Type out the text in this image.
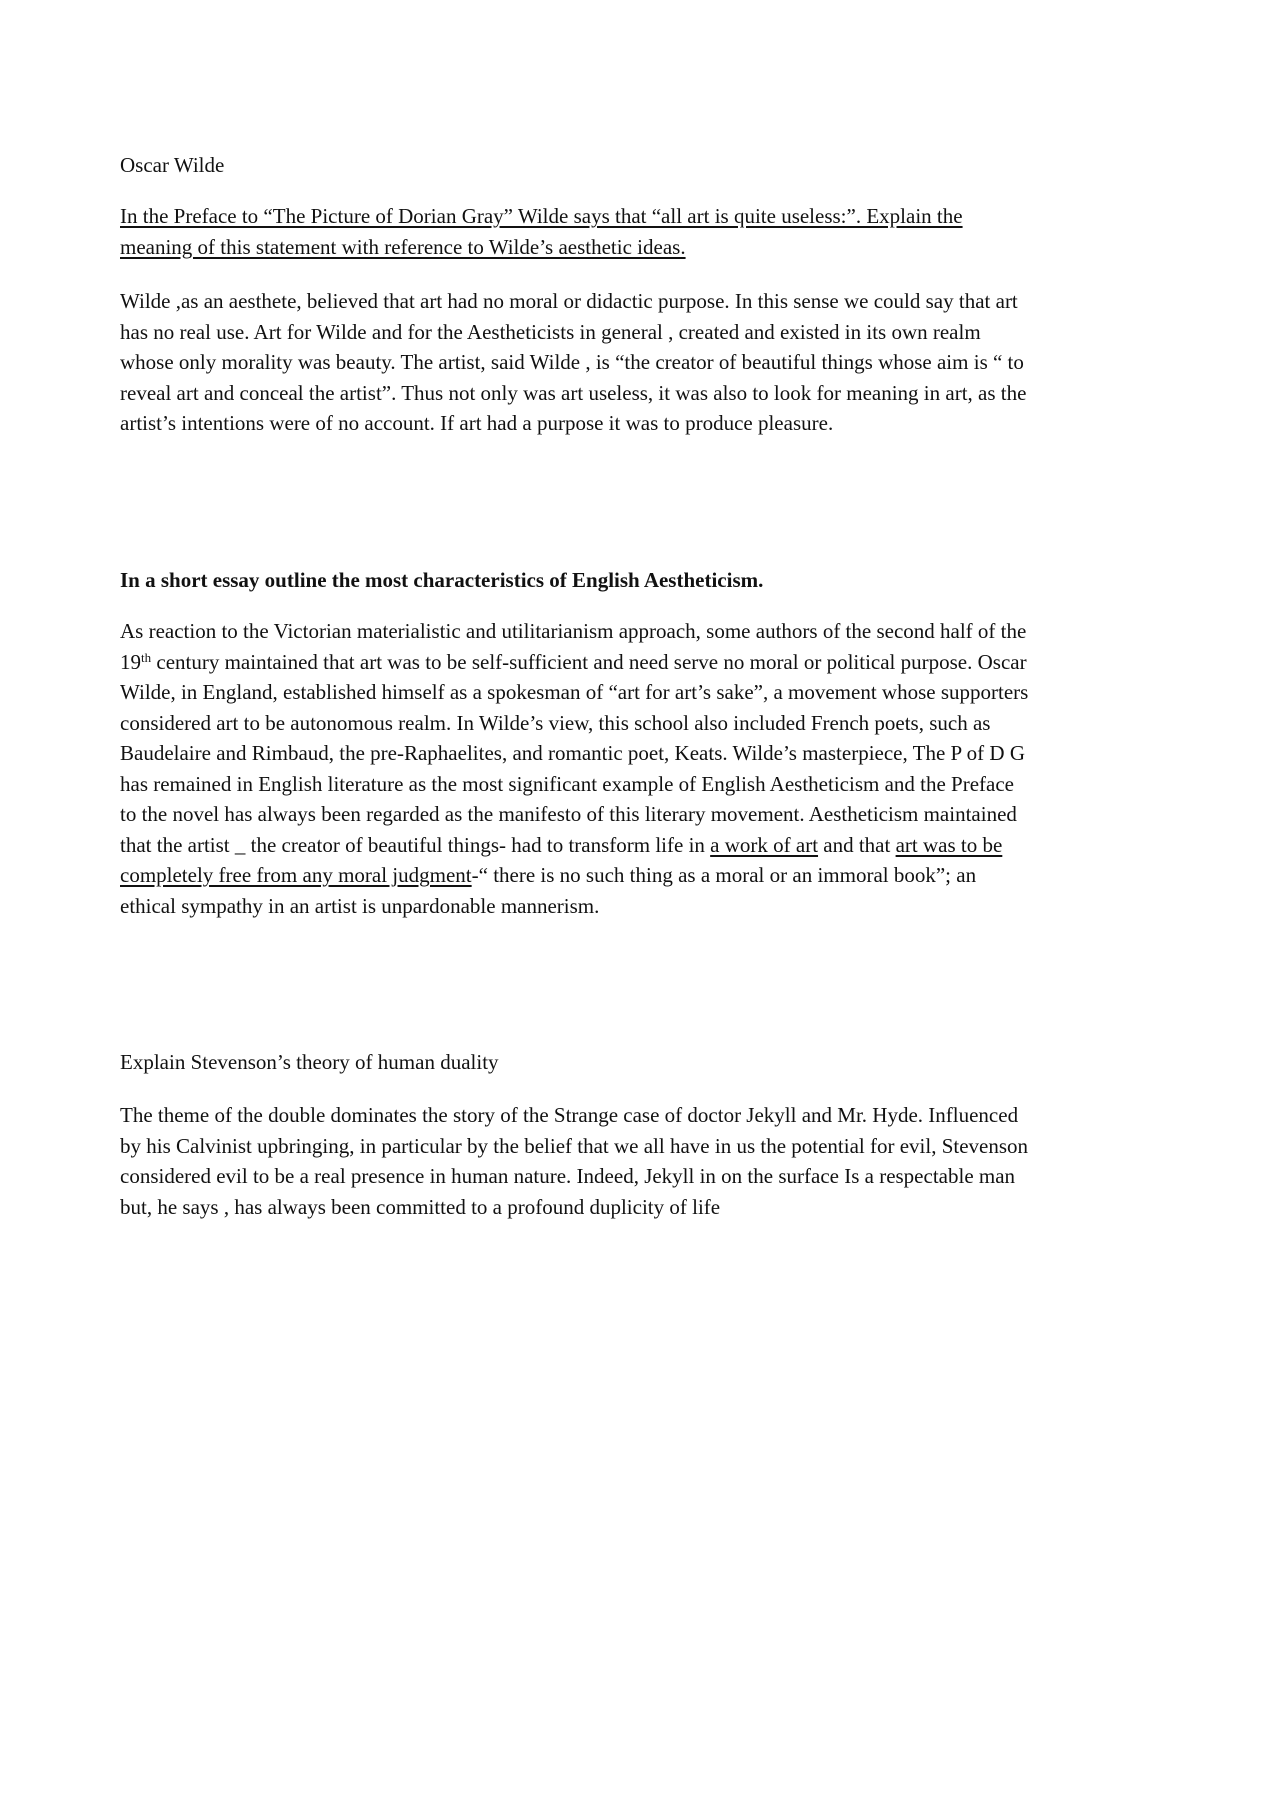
Oscar Wilde

In the Preface to “The Picture of Dorian Gray” Wilde says that “all art is quite useless:”. Explain the
meaning of this statement with reference to Wilde’s aesthetic ideas.

Wilde ,as an aesthete, believed that art had no moral or didactic purpose. In this sense we could say that art
has no real use. Art for Wilde and for the Aestheticists in general , created and existed in its own realm
whose only morality was beauty. The artist, said Wilde , is “the creator of beautiful things whose aim is “ to
reveal art and conceal the artist”. Thus not only was art useless, it was also to look for meaning in art, as the
artist’s intentions were of no account. If art had a purpose it was to produce pleasure.

In a short essay outline the most characteristics of English Aestheticism.

As reaction to the Victorian materialistic and utilitarianism approach, some authors of the second half of the
19th century maintained that art was to be self-sufficient and need serve no moral or political purpose. Oscar
Wilde, in England, established himself as a spokesman of “art for art’s sake”, a movement whose supporters
considered art to be autonomous realm. In Wilde’s view, this school also included French poets, such as
Baudelaire and Rimbaud, the pre-Raphaelites, and romantic poet, Keats. Wilde’s masterpiece, The P of D G
has remained in English literature as the most significant example of English Aestheticism and the Preface
to the novel has always been regarded as the manifesto of this literary movement. Aestheticism maintained
that the artist _ the creator of beautiful things- had to transform life in a work of art and that art was to be
completely free from any moral judgment-“ there is no such thing as a moral or an immoral book”; an
ethical sympathy in an artist is unpardonable mannerism.

Explain Stevenson’s theory of human duality

The theme of the double dominates the story of the Strange case of doctor Jekyll and Mr. Hyde. Influenced
by his Calvinist upbringing, in particular by the belief that we all have in us the potential for evil, Stevenson
considered evil to be a real presence in human nature. Indeed, Jekyll in on the surface Is a respectable man
but, he says , has always been committed to a profound duplicity of life
